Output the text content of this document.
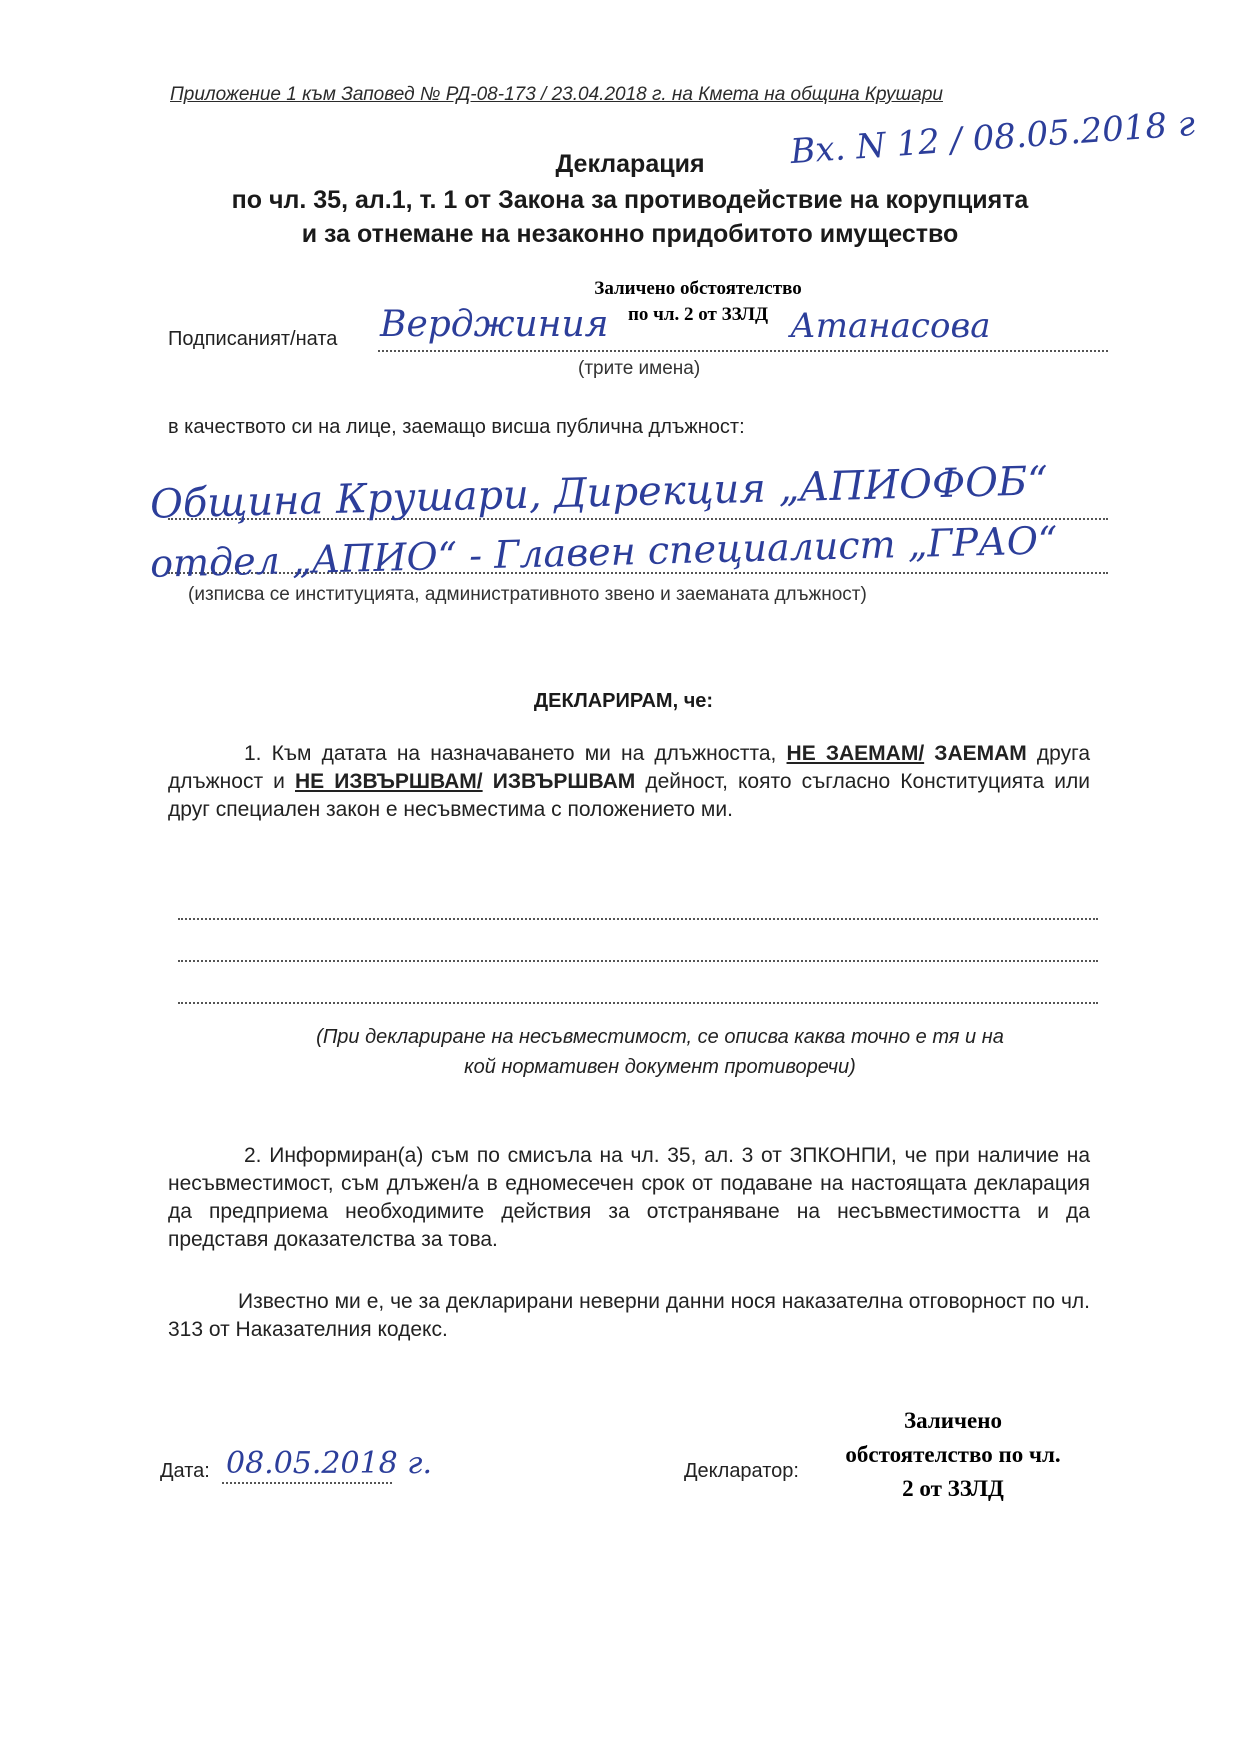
Приложение 1 към Заповед № РД-08-173 / 23.04.2018 г. на Кмета на община Крушари
Вх. N 12 / 08.05.2018 г
Декларация
по чл. 35, ал.1, т. 1 от Закона за противодействие на корупцията
и за отнемане на незаконно придобитото имущество
Заличено обстоятелство
по чл. 2 от ЗЗЛД
Подписаният/ната Верджиния	Атанасова
(трите имена)
в качеството си на лице, заемащо висша публична длъжност:
Община Крушари, Дирекция „АПИОФОБ“
отдел „АПИО“ - Главен специалист „ГРАО“
(изписва се институцията, административното звено и заеманата длъжност)
ДЕКЛАРИРАМ, че:
1. Към датата на назначаването ми на длъжността, НЕ ЗАЕМАМ/ ЗАЕМАМ друга длъжност и НЕ ИЗВЪРШВАМ/ ИЗВЪРШВАМ дейност, която съгласно Конституцията или друг специален закон е несъвместима с положението ми.
(При деклариране на несъвместимост, се описва каква точно е тя и на
кой нормативен документ противоречи)
2. Информиран(а) съм по смисъла на чл. 35, ал. 3 от ЗПКОНПИ, че при наличие на несъвместимост, съм длъжен/а в едномесечен срок от подаване на настоящата декларация да предприема необходимите действия за отстраняване на несъвместимостта и да представя доказателства за това.
Известно ми е, че за декларирани неверни данни нося наказателна отговорност по чл. 313 от Наказателния кодекс.
Дата: 08.05.2018 г.	Декларатор:
Заличено
обстоятелство по чл.
2 от ЗЗЛД
